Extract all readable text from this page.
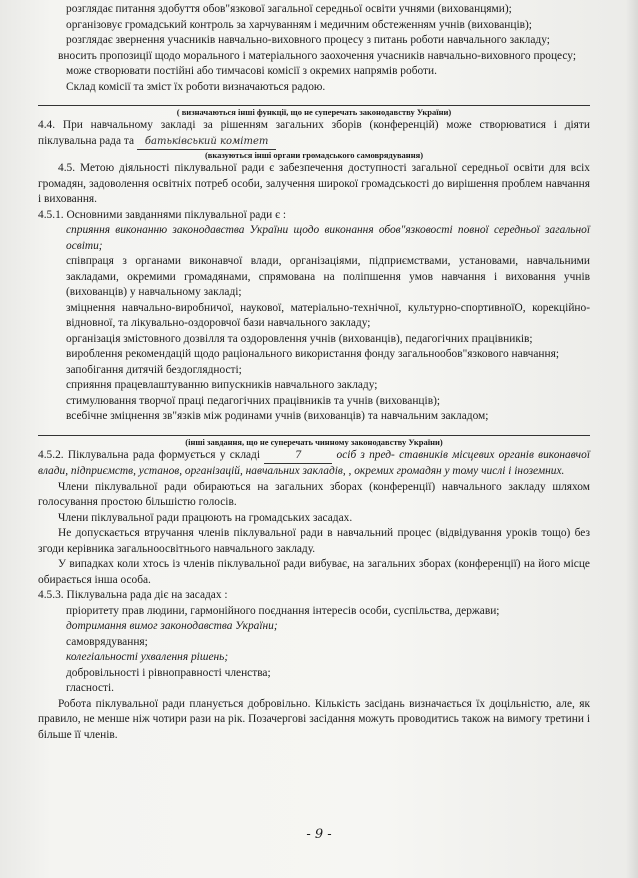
розглядає питання здобуття обов"язкової загальної середньої освіти учнями (вихованцями);

організовує громадський контроль за харчуванням і медичним обстеженням учнів (вихованців);

розглядає звернення учасників навчально-виховного процесу з питань роботи навчального закладу;

вносить пропозиції щодо морального і матеріального заохочення учасників навчально-виховного процесу;

може створювати постійні або тимчасові комісії з окремих напрямів роботи.

Склад комісії та зміст їх роботи визначаються радою.

( визначаються інші функції, що не суперечать законодавству України)

4.4. При навчальному закладі за рішенням загальних зборів (конференцій) може створюватися і діяти піклувальна рада та батьківський комітет

(вказуються інші органи громадського самоврядування)

4.5. Метою діяльності піклувальної ради є забезпечення доступності загальної середньої освіти для всіх громадян, задоволення освітніх потреб особи, залучення широкої громадськості до вирішення проблем навчання і виховання.

4.5.1. Основними завданнями піклувальної ради є :

сприяння виконанню законодавства України щодо виконання обов"язковості повної середньої загальної освіти;

співпраця з органами виконавчої влади, організаціями, підприємствами, установами, навчальними закладами, окремими громадянами, спрямована на поліпшення умов навчання і виховання учнів (вихованців) у навчальному закладі;

зміцнення навчально-виробничої, наукової, матеріально-технічної, культурно-спортивноїО, корекційно-відновної, та лікувально-оздоровчої бази навчального закладу;

організація змістовного дозвілля та оздоровлення учнів (вихованців), педагогічних працівників;

вироблення рекомендацій щодо раціонального використання фонду загальнообов"язкового навчання;

запобігання дитячій бездоглядності;

сприяння працевлаштуванню випускників навчального закладу;

стимулювання творчої праці педагогічних працівників та учнів (вихованців);

всебічне зміцнення зв"язків між родинами учнів (вихованців) та навчальним закладом;

(інші завдання, що не суперечать чинному законодавству України)

4.5.2. Піклувальна рада формується у складі	7	осіб з пред- ставників місцевих органів виконавчої влади, підприємств, установ, організацій, навчальних закладів, , окремих громадян у тому числі і іноземних.

Члени піклувальної ради обираються на загальних зборах (конференції) навчального закладу шляхом голосування простою більшістю голосів.

Члени піклувальної ради працюють на громадських засадах.

Не допускається втручання членів піклувальної ради в навчальний процес (відвідування уроків тощо) без згоди керівника загальноосвітнього навчального закладу.

У випадках коли хтось із членів піклувальної ради вибуває, на загальних зборах (конференції) на його місце обирається інша особа.

4.5.3. Піклувальна рада діє на засадах :

пріоритету прав людини, гармонійного поєднання інтересів особи, суспільства, держави;

дотримання вимог законодавства України;

самоврядування;

колегіальності ухвалення рішень;

добровільності і рівноправності членства;

гласності.

Робота піклувальної ради планується добровільно. Кількість засідань визначається їх доцільністю, але, як правило, не менше ніж чотири рази на рік. Позачергові засідання можуть проводитись також на вимогу третини і більше її членів.

- 9 -
